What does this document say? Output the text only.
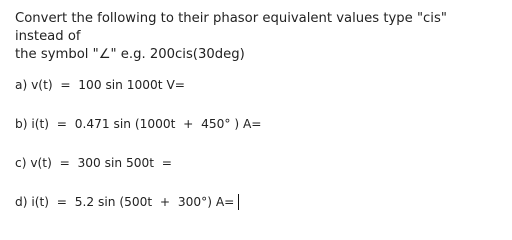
Convert the following to their phasor equivalent values type "cis" instead of
the symbol "∠" e.g. 200cis(30deg)
a) v(t)  =  100 sin 1000t V=
b) i(t)  =  0.471 sin (1000t  +  450° ) A=
c) v(t)  =  300 sin 500t  =
d) i(t)  =  5.2 sin (500t  +  300°) A=
